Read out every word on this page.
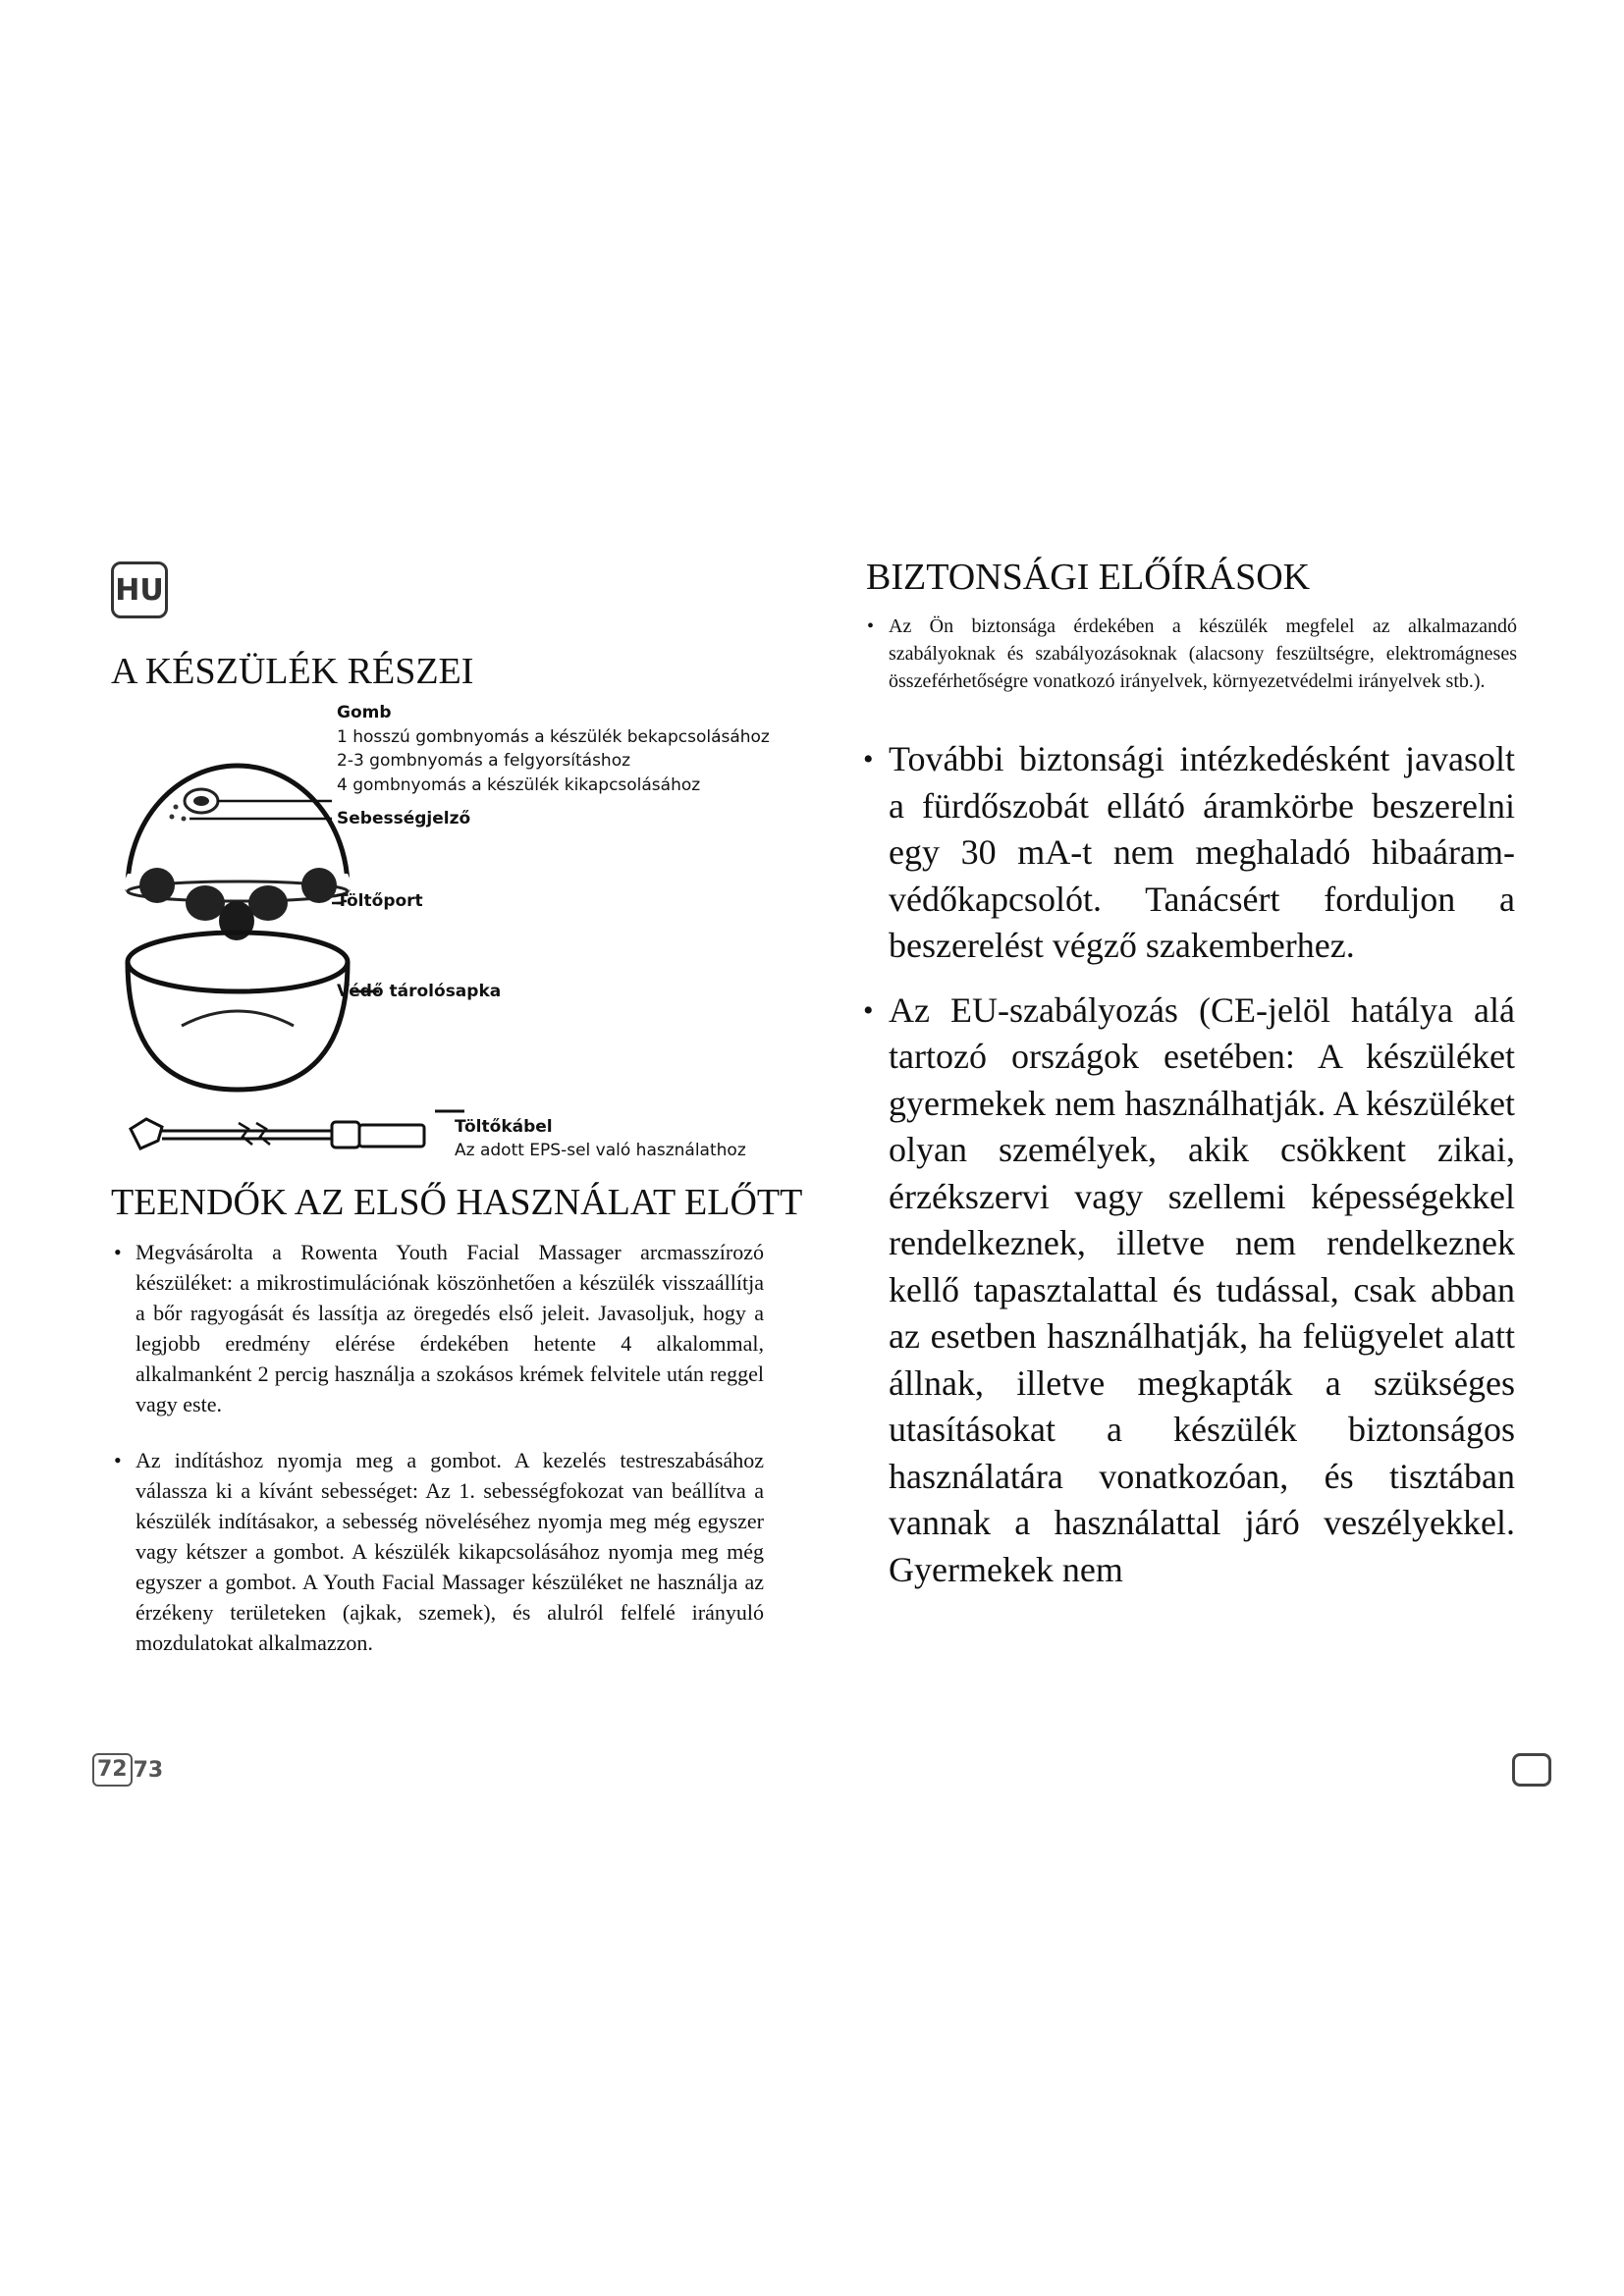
HU
A KÉSZÜLÉK RÉSZEI
Gomb
1 hosszú gombnyomás a készülék bekapcsolásához
2-3 gombnyomás a felgyorsításhoz
4 gombnyomás a készülék kikapcsolásához
Sebességjelző
Töltőport
Védő tárolósapka
Töltőkábel
Az adott EPS-sel való használathoz
TEENDŐK AZ ELSŐ HASZNÁLAT ELŐTT
• Megvásárolta a Rowenta Youth Facial Massager arcmasszírozó készüléket: a mikrostimulációnak köszönhetően a készülék visszaállítja a bőr ragyogását és lassítja az öregedés első jeleit. Javasoljuk, hogy a legjobb eredmény elérése érdekében hetente 4 alkalommal, alkalmanként 2 percig használja a szokásos krémek felvitele után reggel vagy este.
• Az indításhoz nyomja meg a gombot. A kezelés testreszabásához válassza ki a kívánt sebességet: Az 1. sebességfokozat van beállítva a készülék indításakor, a sebesség növeléséhez nyomja meg még egyszer vagy kétszer a gombot. A készülék kikapcsolásához nyomja meg még egyszer a gombot. A Youth Facial Massager készüléket ne használja az érzékeny területeken (ajkak, szemek), és alulról felfelé irányuló mozdulatokat alkalmazzon.
BIZTONSÁGI ELŐÍRÁSOK
• Az Ön biztonsága érdekében a készülék megfelel az alkalmazandó szabályoknak és szabályozásoknak (alacsony feszültségre, elektromágneses összeférhetőségre vonatkozó irányelvek, környezetvédelmi irányelvek stb.).
• További biztonsági intézkedésként javasolt a fürdőszobát ellátó áramkörbe beszerelni egy 30 mA-t nem meghaladó hibaáram-védőkapcsolót. Tanácsért forduljon a beszerelést végző szakemberhez.
• Az EU-szabályozás (CE-jelöl hatálya alá tartozó országok esetében: A készüléket gyermekek nem használhatják. A készüléket olyan személyek, akik csökkent zikai, érzékszervi vagy szellemi képességekkel rendelkeznek, illetve nem rendelkeznek kellő tapasztalattal és tudással, csak abban az esetben használhatják, ha felügyelet alatt állnak, illetve megkapták a szükséges utasításokat a készülék biztonságos használatára vonatkozóan, és tisztában vannak a használattal járó veszélyekkel. Gyermekek nem
72 73
